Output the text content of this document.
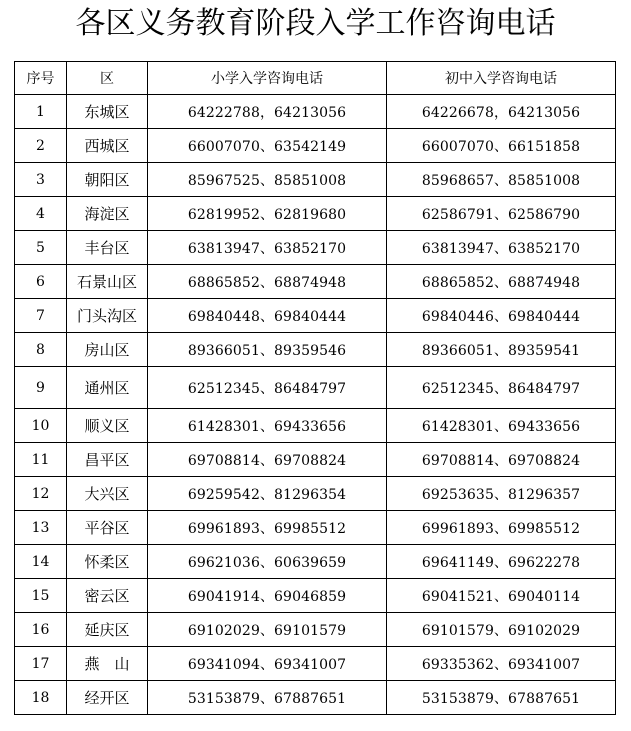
各区义务教育阶段入学工作咨询电话
序号	区	小学入学咨询电话	初中入学咨询电话
1	东城区	64222788，64213056	64226678，64213056
2	西城区	66007070、63542149	66007070、66151858
3	朝阳区	85967525、85851008	85968657、85851008
4	海淀区	62819952、62819680	62586791、62586790
5	丰台区	63813947、63852170	63813947、63852170
6	石景山区	68865852、68874948	68865852、68874948
7	门头沟区	69840448、69840444	69840446、69840444
8	房山区	89366051、89359546	89366051、89359541
9	通州区	62512345、86484797	62512345、86484797
10	顺义区	61428301、69433656	61428301、69433656
11	昌平区	69708814、69708824	69708814、69708824
12	大兴区	69259542、81296354	69253635、81296357
13	平谷区	69961893、69985512	69961893、69985512
14	怀柔区	69621036、60639659	69641149、69622278
15	密云区	69041914、69046859	69041521、69040114
16	延庆区	69102029、69101579	69101579、69102029
17	燕　山	69341094、69341007	69335362、69341007
18	经开区	53153879、67887651	53153879、67887651
